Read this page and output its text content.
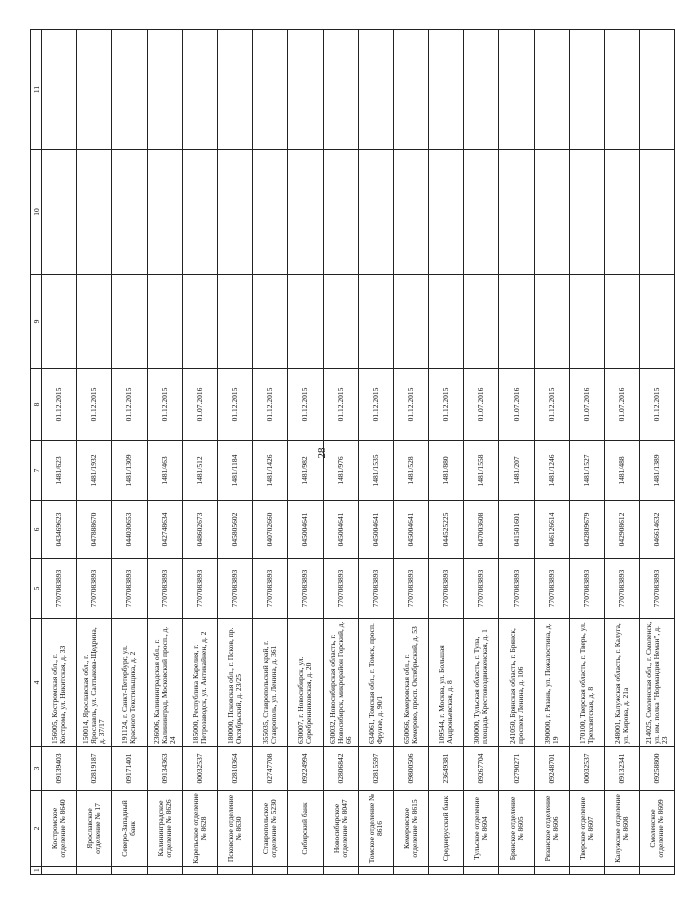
28
1	2	3	4	5	6	7	8	9	10	11
	Костромское отделение № 8640	09139403	156005, Костромская обл., г. Кострома, ул. Никитская, д. 33	7707083893	043469623	1481/623	01.12.2015			
	Ярославское отделение № 17	02819187	150014, Ярославская обл., г. Ярославль, ул. Салтыкова-Щедрина, д. 37/17	7707083893	047888670	1481/1932	01.12.2015			
	Северо-Западный банк	09171401	191124, г. Санкт-Петербург, ул. Красного Текстильщика, д. 2	7707083893	044030653	1481/1309	01.12.2015			
	Калининградское отделение № 8626	09134363	236006, Калининградская обл., г. Калининград, Московский просп., д. 24	7707083893	042748634	1481/463	01.12.2015			
	Карельское отделение № 8628	00032537	185000, Республика Карелия, г. Петрозаводск, ул. Антикайнен, д. 2	7707083893	048602673	1481/512	01.07.2016			
	Псковское отделение № 8630	02810364	180000, Псковская обл., г. Псков, пр. Октябрьский, д. 23/25	7707083893	045805602	1481/1184	01.12.2015			
	Ставропольское отделение № 5230	02747708	355035, Ставропольский край, г. Ставрополь, ул. Ленина, д. 361	7707083893	040702660	1481/1426	01.12.2015			
	Сибирский банк	09224994	630007, г. Новосибирск, ул. Серебренниковская, д. 20	7707083893	045004641	1481/982	01.12.2015			
	Новосибирское отделение № 8047	02806842	630032, Новосибирская область, г. Новосибирск, микрорайон Горский, д. 66	7707083893	045004641	1481/976	01.12.2015			
	Томское отделение № 8616	02815597	634061, Томская обл., г. Томск, просп. Фрунзе, д. 90/1	7707083893	045004641	1481/1535	01.12.2015			
	Кемеровское отделение № 8615	09800506	650066, Кемеровская обл., г. Кемерово, просп. Октябрьский, д. 53	7707083893	045004641	1481/528	01.12.2015			
	Среднерусский банк	23649381	109544, г. Москва, ул. Большая Андроньевская, д. 8	7707083893	044525225	1481/880	01.12.2015			
	Тульское отделение № 8604	09267704	300000, Тульская область, г. Тула, площадь Крестовоздвиженская, д. 1	7707083893	047003608	1481/1558	01.07.2016			
	Брянское отделение № 8605	02790271	241050, Брянская область, г. Брянск, проспект Ленина, д. 106	7707083893	041501601	1481/207	01.07.2016			
	Рязанское отделение № 8606	09248701	390000, г. Рязань, ул. Пожалостина, д. 19	7707083893	046126614	1481/1246	01.12.2015			
	Тверское отделение № 8607	00032537	170100, Тверская область, г. Тверь, ул. Трехсвятская, д. 8	7707083893	042809679	1481/1527	01.07.2016			
	Калужское отделение № 8608	09132341	248001, Калужская область, г. Калуга, ул. Кирова, д. 21а	7707083893	042908612	1481/488	01.07.2016			
	Смоленское отделение № 8609	09258800	214025, Смоленская обл., г. Смоленск, ул. им. полка "Нормандия Неман", д. 23	7707083893	046614632	1481/1389	01.12.2015			
